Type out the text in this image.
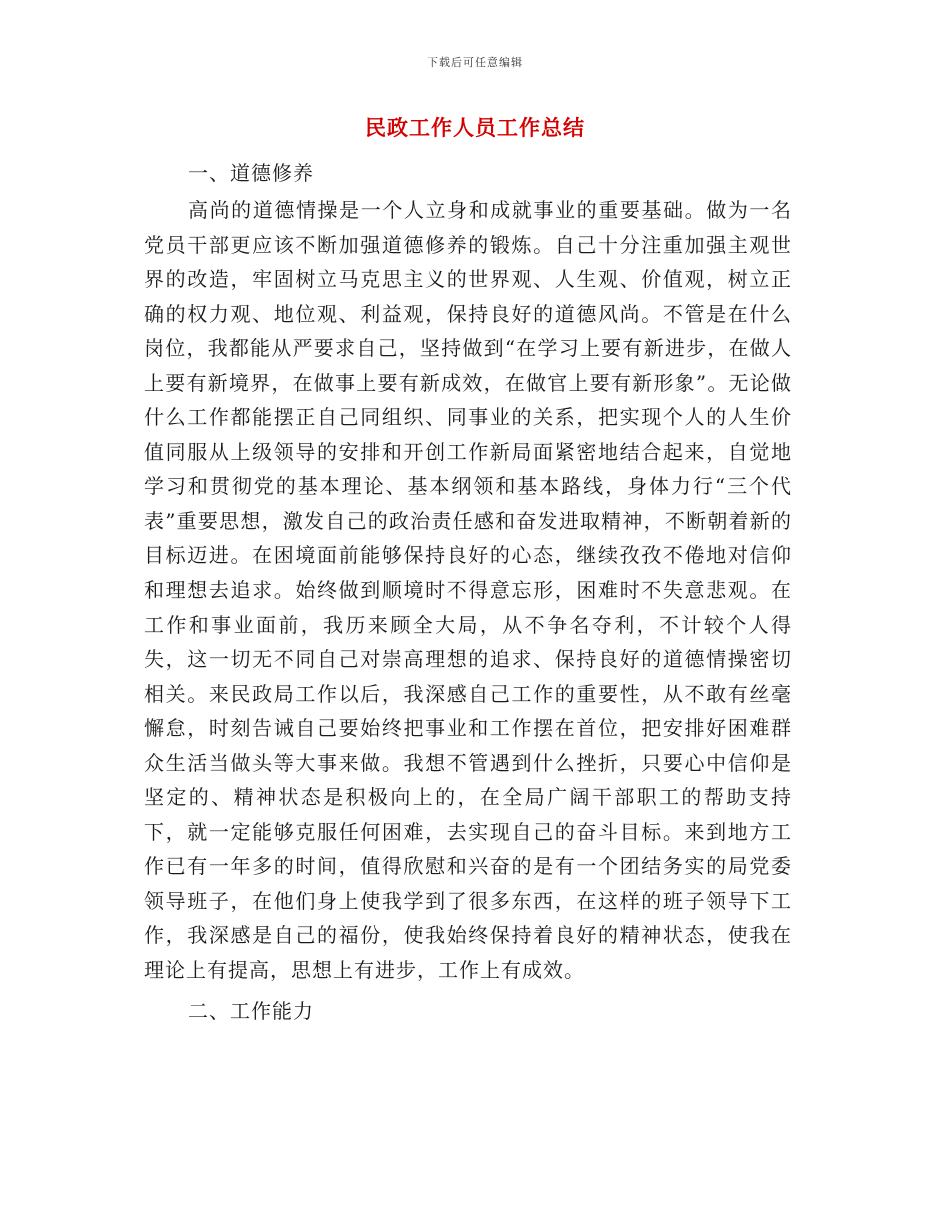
下载后可任意编辑
民政工作人员工作总结
一、道德修养
高尚的道德情操是一个人立身和成就事业的重要基础。做为一名党员干部更应该不断加强道德修养的锻炼。自己十分注重加强主观世界的改造，牢固树立马克思主义的世界观、人生观、价值观，树立正确的权力观、地位观、利益观，保持良好的道德风尚。不管是在什么岗位，我都能从严要求自己，坚持做到“在学习上要有新进步，在做人上要有新境界，在做事上要有新成效，在做官上要有新形象”。无论做什么工作都能摆正自己同组织、同事业的关系，把实现个人的人生价值同服从上级领导的安排和开创工作新局面紧密地结合起来，自觉地学习和贯彻党的基本理论、基本纲领和基本路线，身体力行“三个代表”重要思想，激发自己的政治责任感和奋发进取精神，不断朝着新的目标迈进。在困境面前能够保持良好的心态，继续孜孜不倦地对信仰和理想去追求。始终做到顺境时不得意忘形，困难时不失意悲观。在工作和事业面前，我历来顾全大局，从不争名夺利，不计较个人得失，这一切无不同自己对崇高理想的追求、保持良好的道德情操密切相关。来民政局工作以后，我深感自己工作的重要性，从不敢有丝毫懈怠，时刻告诫自己要始终把事业和工作摆在首位，把安排好困难群众生活当做头等大事来做。我想不管遇到什么挫折，只要心中信仰是坚定的、精神状态是积极向上的，在全局广阔干部职工的帮助支持下，就一定能够克服任何困难，去实现自己的奋斗目标。来到地方工作已有一年多的时间，值得欣慰和兴奋的是有一个团结务实的局党委领导班子，在他们身上使我学到了很多东西，在这样的班子领导下工作，我深感是自己的福份，使我始终保持着良好的精神状态，使我在理论上有提高，思想上有进步，工作上有成效。
二、工作能力
